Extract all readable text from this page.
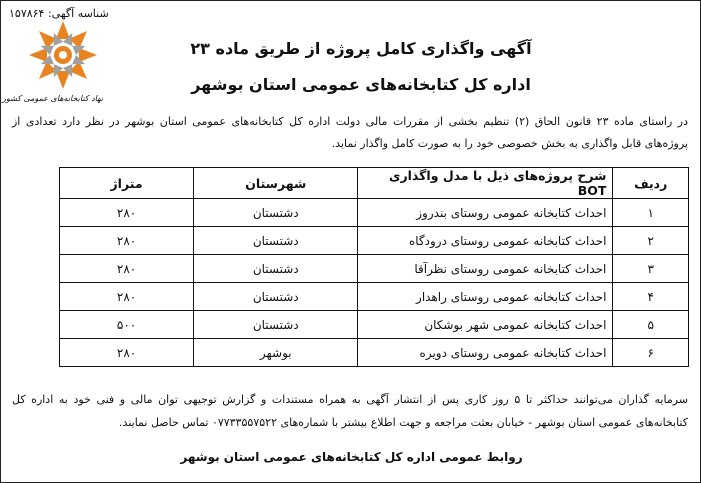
شناسه آگهی: ۱۵۷۸۶۴
نهاد کتابخانه‌های عمومی کشور
آگهی واگذاری کامل پروژه از طریق ماده ۲۳
اداره کل کتابخانه‌های عمومی استان بوشهر
در راستای ماده ۲۳ قانون الحاق (۲) تنظیم بخشی از مقررات مالی دولت اداره کل کتابخانه‌های عمومی استان بوشهر در نظر دارد تعدادی از پروژه‌های قابل واگذاری به بخش خصوصی خود را به صورت کامل واگذار نماید.
ردیف	شرح پروژه‌های ذیل با مدل واگذاری BOT	شهرستان	متراژ
۱	احداث کتابخانه عمومی روستای بندروز	دشتستان	۲۸۰
۲	احداث کتابخانه عمومی روستای درودگاه	دشتستان	۲۸۰
۳	احداث کتابخانه عمومی روستای نظرآقا	دشتستان	۲۸۰
۴	احداث کتابخانه عمومی روستای راهدار	دشتستان	۲۸۰
۵	احداث کتابخانه عمومی شهر بوشکان	دشتستان	۵۰۰
۶	احداث کتابخانه عمومی روستای دویره	بوشهر	۲۸۰
سرمایه گذاران می‌توانند حداکثر تا ۵ روز کاری پس از انتشار آگهی به همراه مستندات و گزارش توجیهی توان مالی و فنی خود به اداره کل کتابخانه‌های عمومی استان بوشهر - خیابان بعثت مراجعه و جهت اطلاع بیشتر با شماره‌های ۰۷۷۳۳۵۵۷۵۲۲ تماس حاصل نمایند.
روابط عمومی اداره کل کتابخانه‌های عمومی استان بوشهر
